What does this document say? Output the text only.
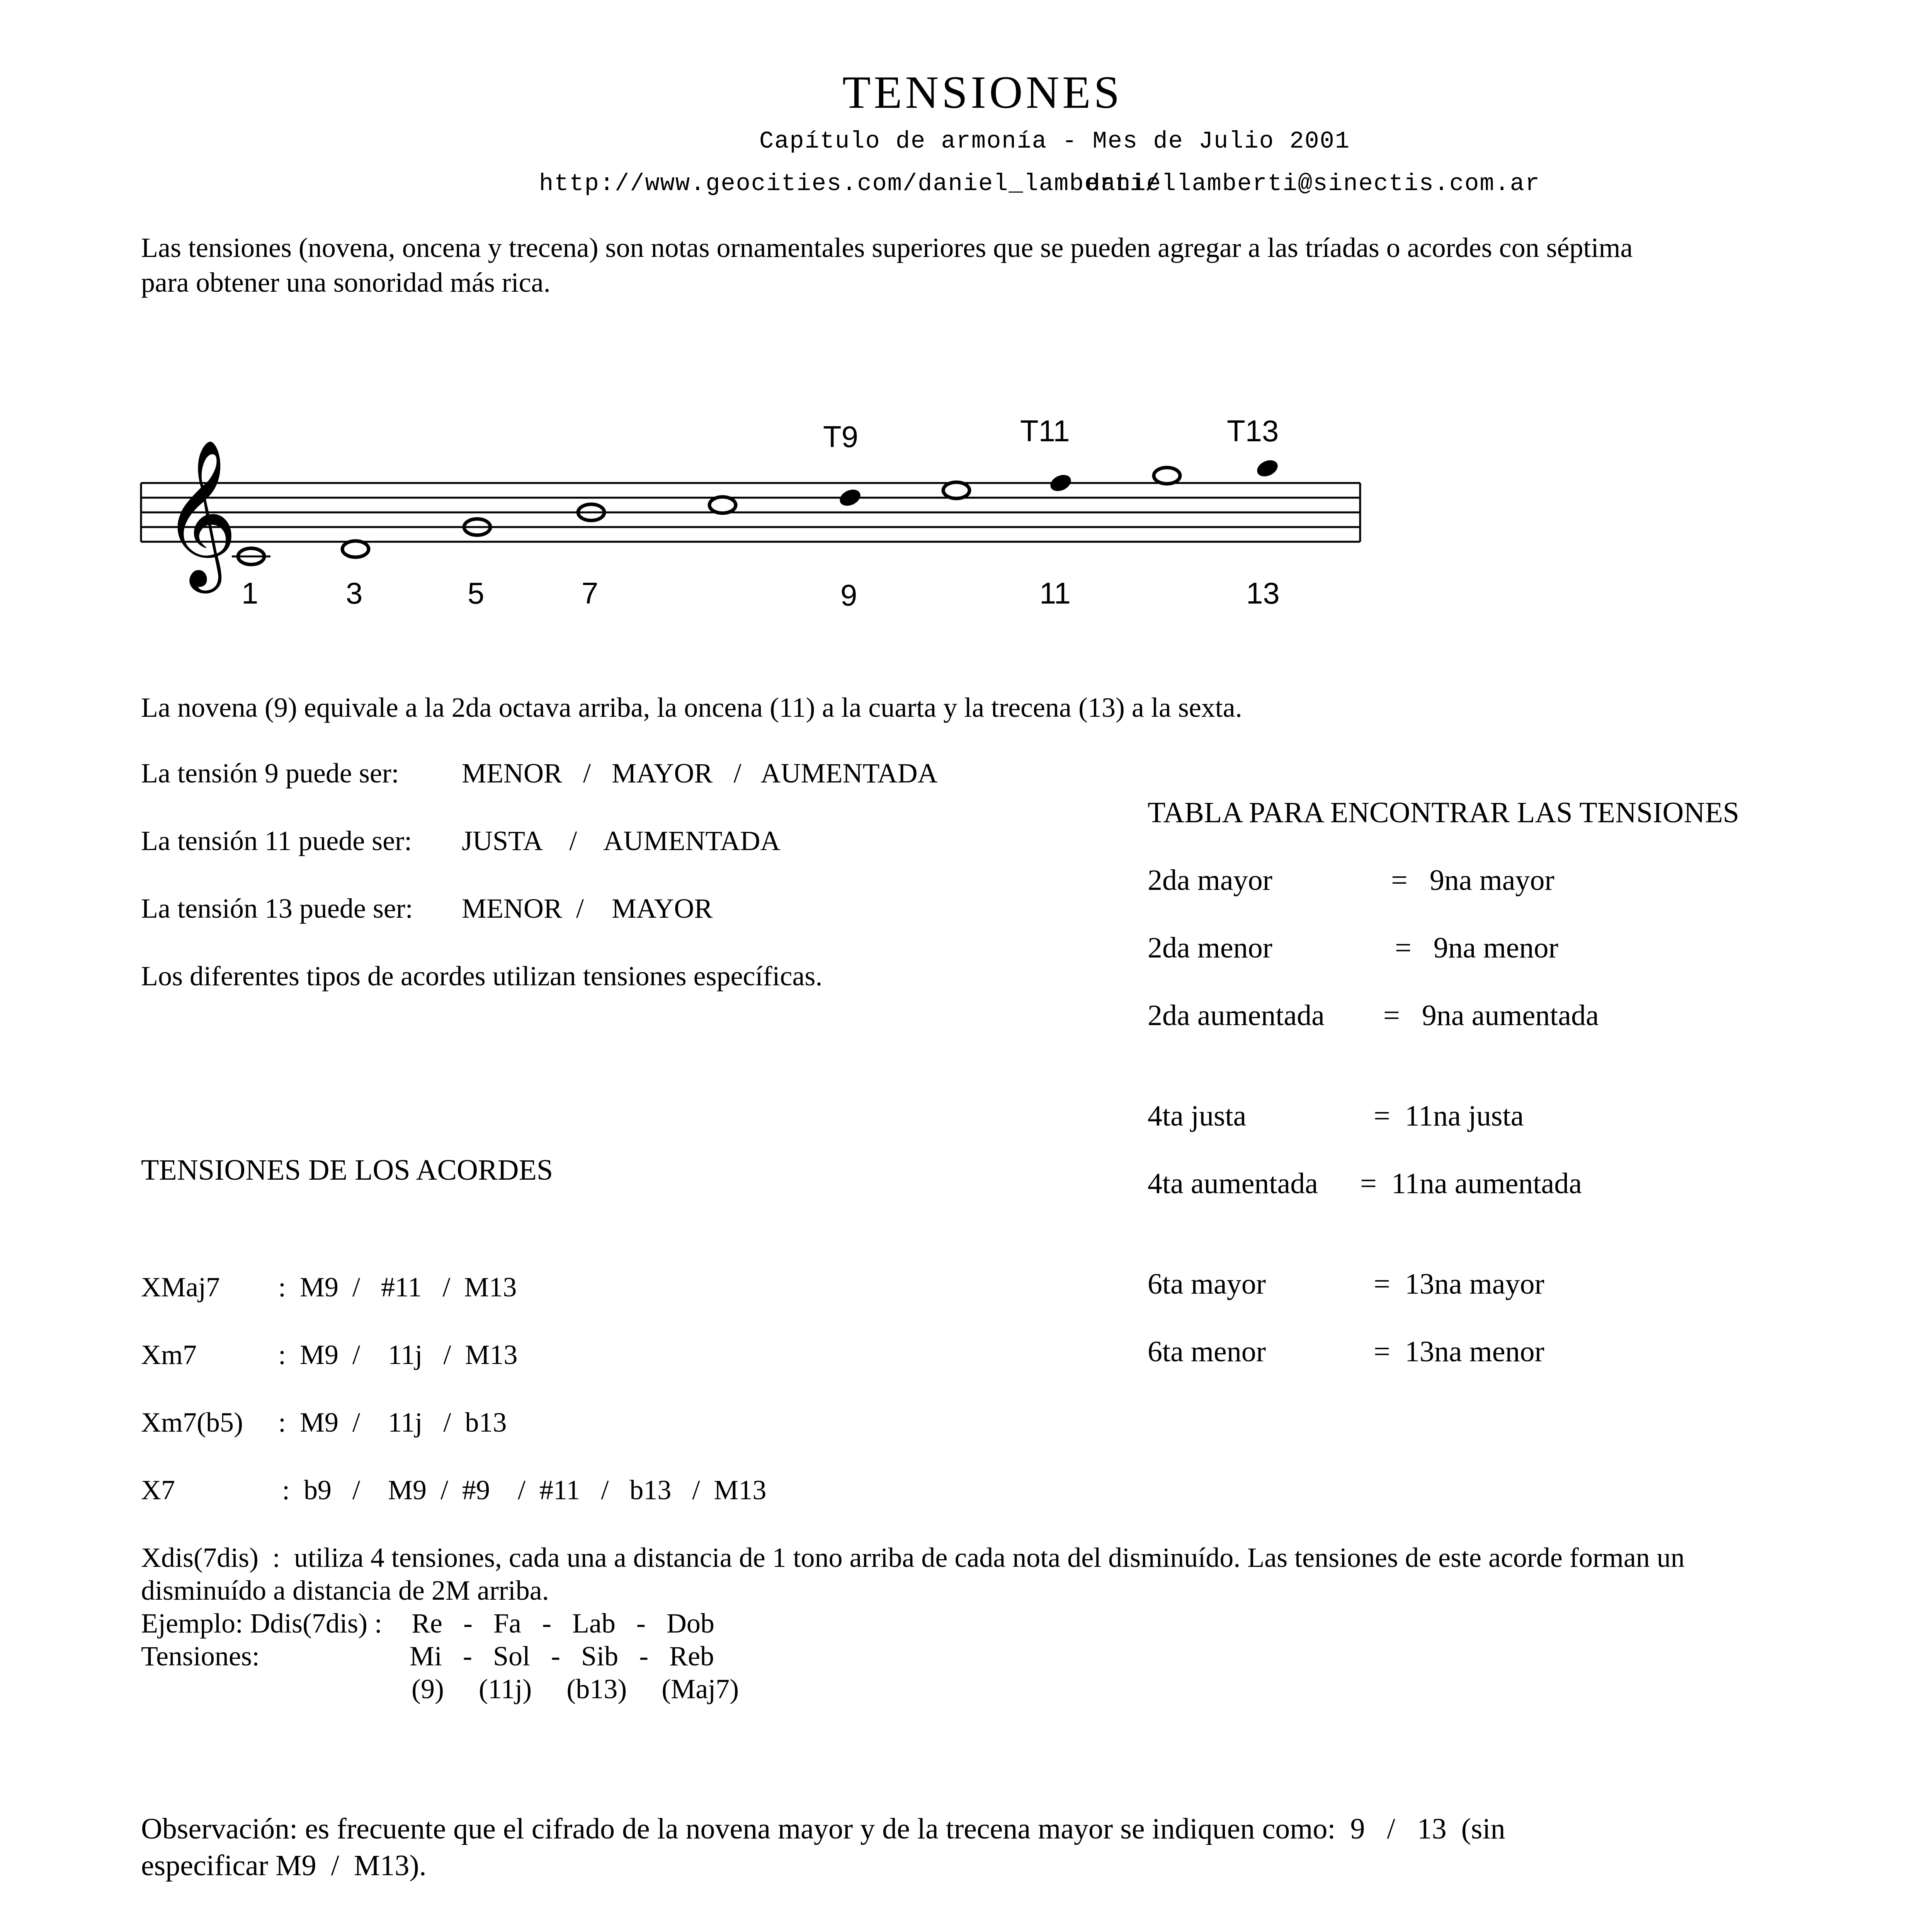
TENSIONES
Capítulo de armonía - Mes de Julio 2001
http://www.geocities.com/daniel_lamberti/
daniellamberti@sinectis.com.ar
Las tensiones (novena, oncena y trecena) son notas ornamentales superiores que se pueden agregar a las tríadas o acordes con séptima
para obtener una sonoridad más rica.
𝄞
T9	T11	T13
1	3	5	7	9	11	13
La novena (9) equivale a la 2da octava arriba, la oncena (11) a la cuarta y la trecena (13) a la sexta.
La tensión 9 puede ser: MENOR   /   MAYOR   /   AUMENTADA
La tensión 11 puede ser: JUSTA    /    AUMENTADA
La tensión 13 puede ser: MENOR  /    MAYOR
Los diferentes tipos de acordes utilizan tensiones específicas.
TABLA PARA ENCONTRAR LAS TENSIONES
2da mayor	=   9na mayor
2da menor	=   9na menor
2da aumentada =   9na aumentada
4ta justa	=  11na justa
4ta aumentada =  11na aumentada
6ta mayor	=  13na mayor
6ta menor	=  13na menor
TENSIONES DE LOS ACORDES
XMaj7 :  M9  /   #11   /  M13
Xm7	:  M9  /    11j   /  M13
Xm7(b5) :  M9  /    11j   /  b13
X7	:  b9   /    M9  /  #9    /  #11   /   b13   /  M13
Xdis(7dis)  :  utiliza 4 tensiones, cada una a distancia de 1 tono arriba de cada nota del disminuído. Las tensiones de este acorde forman un
disminuído a distancia de 2M arriba.
Ejemplo: Ddis(7dis) : Re   -   Fa   -   Lab   -   Dob
Tensiones:	Mi   -   Sol   -   Sib   -   Reb
(9)     (11j)     (b13)     (Maj7)
Observación: es frecuente que el cifrado de la novena mayor y de la trecena mayor se indiquen como:  9   /   13  (sin
especificar M9  /  M13).
